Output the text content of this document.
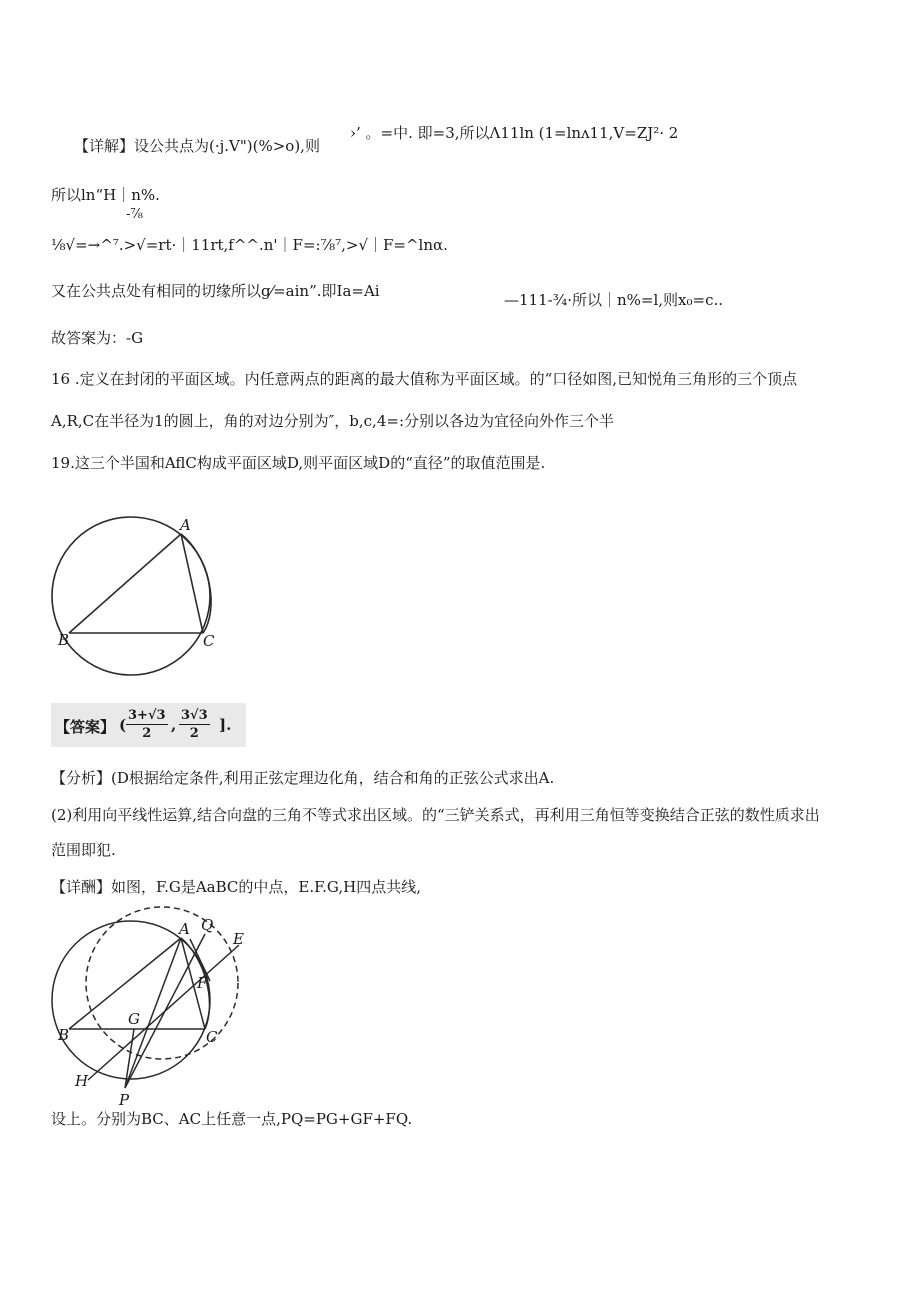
【详解】设公共点为(·j.V")(%>o),则
›’ 。=中. 即=3,所以Λ11ln (1=lnʌ11,V=ZJ²· 2
所以ln“H｜n%.
-⅞
⅛√=→^⁷.>√=rt·｜11rt,f^^.n'｜F=:⅞⁷,>√｜F=^lnα.
又在公共点处有相同的切缘所以g⁄=ain”.即Ia=Ai	—111-¾·所以｜n%=l,则x₀=c..
故答案为：-G
16 .定义在封闭的平面区域。内任意两点的距离的最大值称为平面区域。的“口径如图,已知悦角三角形的三个顶点
A,R,C在半径为1的圆上，角的对边分别为″，b,c,4=:分别以各边为宜径向外作三个半
19.这三个半国和AflC构成平面区域D,则平面区域D的“直径”的取值范围是.
A
B	C
【答案】 ( $\frac{3+√3}{2}$ , $\frac{3√3}{2}$ ].
【分析】(D根据给定条件,利用正弦定理边化角，结合和角的正弦公式求出A.
(2)利用向平线性运算,结合向盘的三角不等式求出区域。的“三铲关系式，再利用三角恒等变换结合正弦的数性质求出
范围即犯.
【详酬】如图，F.G是AaBC的中点，E.F.G,H四点共线,
A Q
E
F
B
G
C
H
P
设上。分别为BC、AC上任意一点,PQ=PG+GF+FQ.
